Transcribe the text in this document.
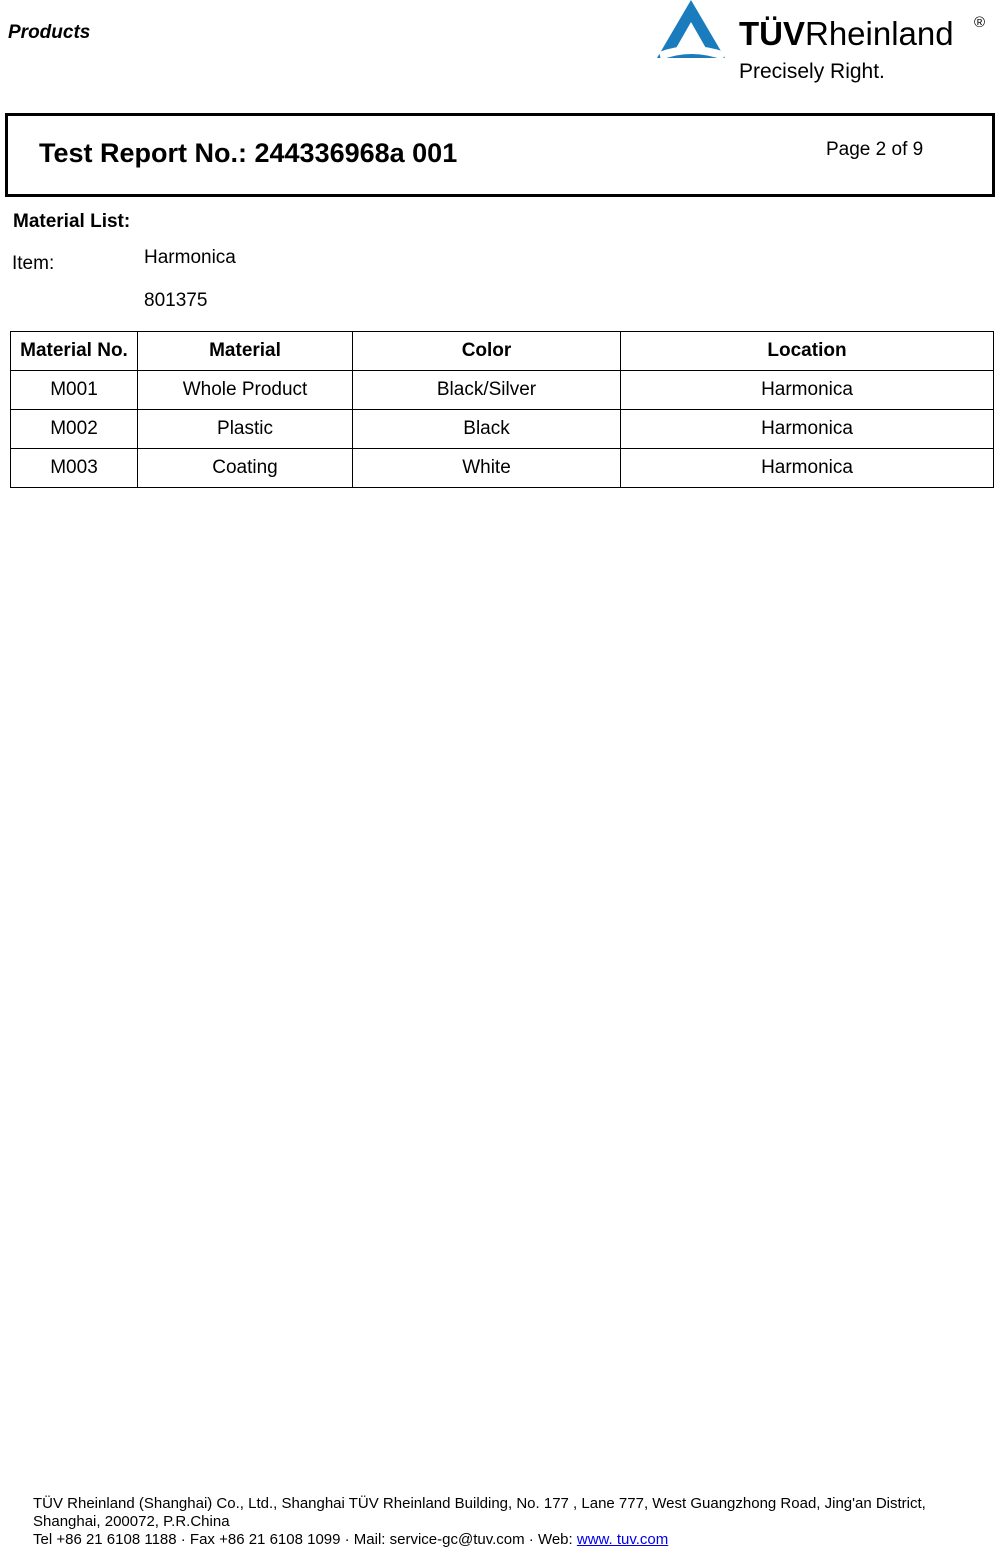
Products	TÜVRheinland ®
Precisely Right.
Test Report No.: 244336968a 001	Page 2 of 9
Material List:
Item:	Harmonica
801375
Material No.	Material	Color	Location
M001	Whole Product	Black/Silver	Harmonica
M002	Plastic	Black	Harmonica
M003	Coating	White	Harmonica
TÜV Rheinland (Shanghai) Co., Ltd., Shanghai TÜV Rheinland Building, No. 177 , Lane 777, West Guangzhong Road, Jing'an District,
Shanghai, 200072, P.R.China
Tel +86 21 6108 1188 · Fax +86 21 6108 1099 · Mail: service-gc@tuv.com · Web: www. tuv.com
